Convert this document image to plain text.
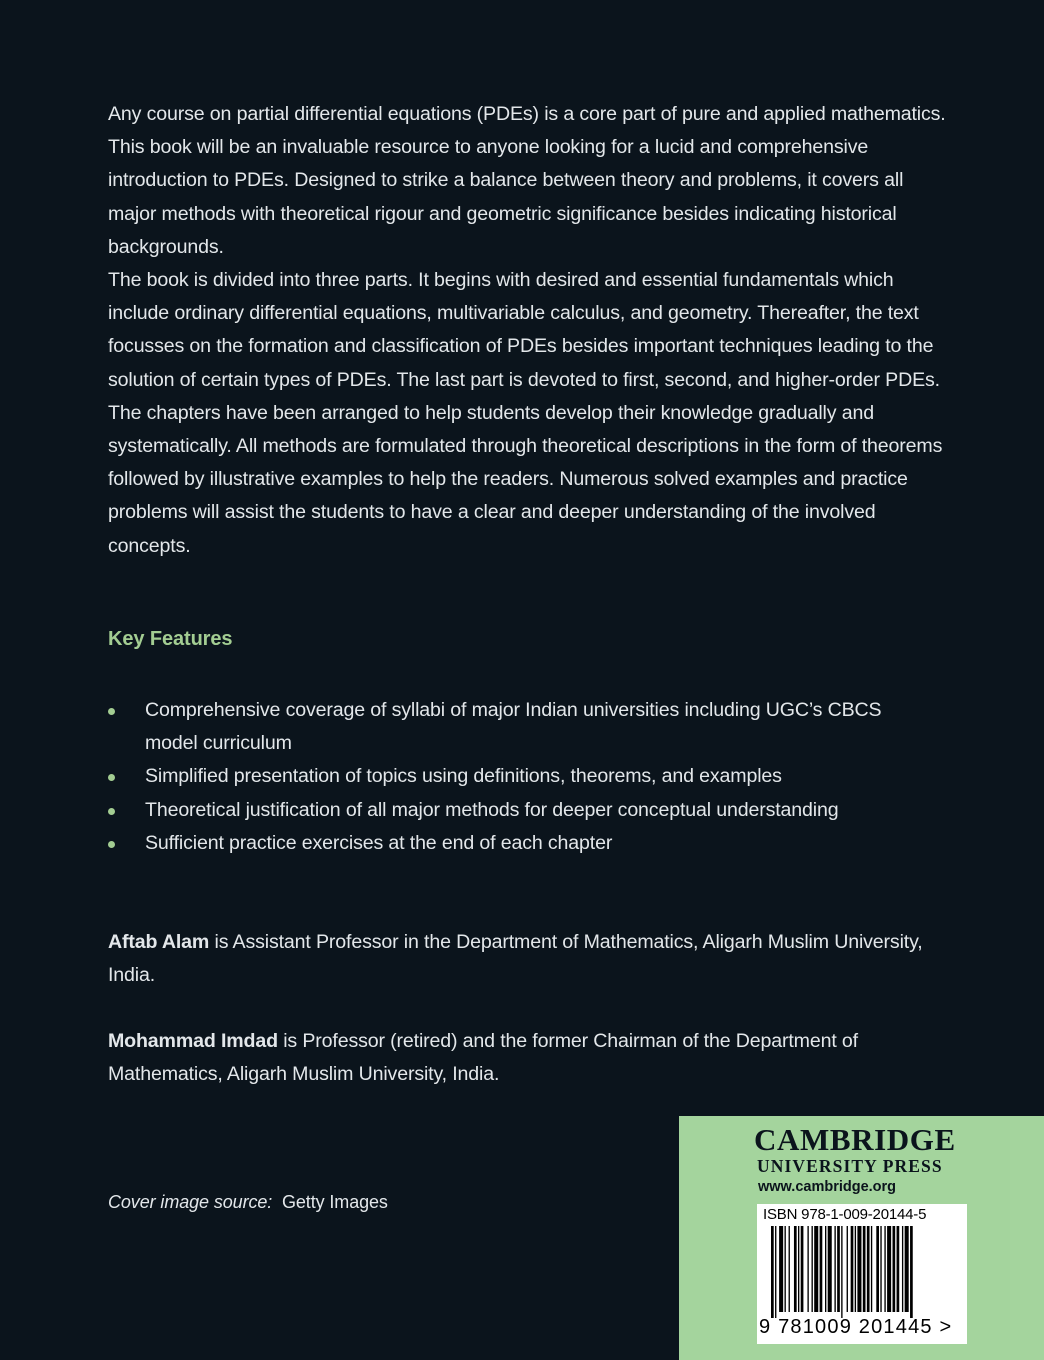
Any course on partial differential equations (PDEs) is a core part of pure and applied mathematics. This book will be an invaluable resource to anyone looking for a lucid and comprehensive introduction to PDEs. Designed to strike a balance between theory and problems, it covers all major methods with theoretical rigour and geometric significance besides indicating historical backgrounds.

The book is divided into three parts. It begins with desired and essential fundamentals which include ordinary differential equations, multivariable calculus, and geometry. Thereafter, the text focusses on the formation and classification of PDEs besides important techniques leading to the solution of certain types of PDEs. The last part is devoted to first, second, and higher-order PDEs. The chapters have been arranged to help students develop their knowledge gradually and systematically. All methods are formulated through theoretical descriptions in the form of theorems followed by illustrative examples to help the readers. Numerous solved examples and practice problems will assist the students to have a clear and deeper understanding of the involved concepts.

Key Features
Comprehensive coverage of syllabi of major Indian universities including UGC’s CBCS model curriculum
Simplified presentation of topics using definitions, theorems, and examples
Theoretical justification of all major methods for deeper conceptual understanding
Sufficient practice exercises at the end of each chapter

Aftab Alam is Assistant Professor in the Department of Mathematics, Aligarh Muslim University, India.

Mohammad Imdad is Professor (retired) and the former Chairman of the Department of Mathematics, Aligarh Muslim University, India.

Cover image source: Getty Images
CAMBRIDGE
UNIVERSITY PRESS
www.cambridge.org
ISBN 978-1-009-20144-5
9 781009 201445 >
